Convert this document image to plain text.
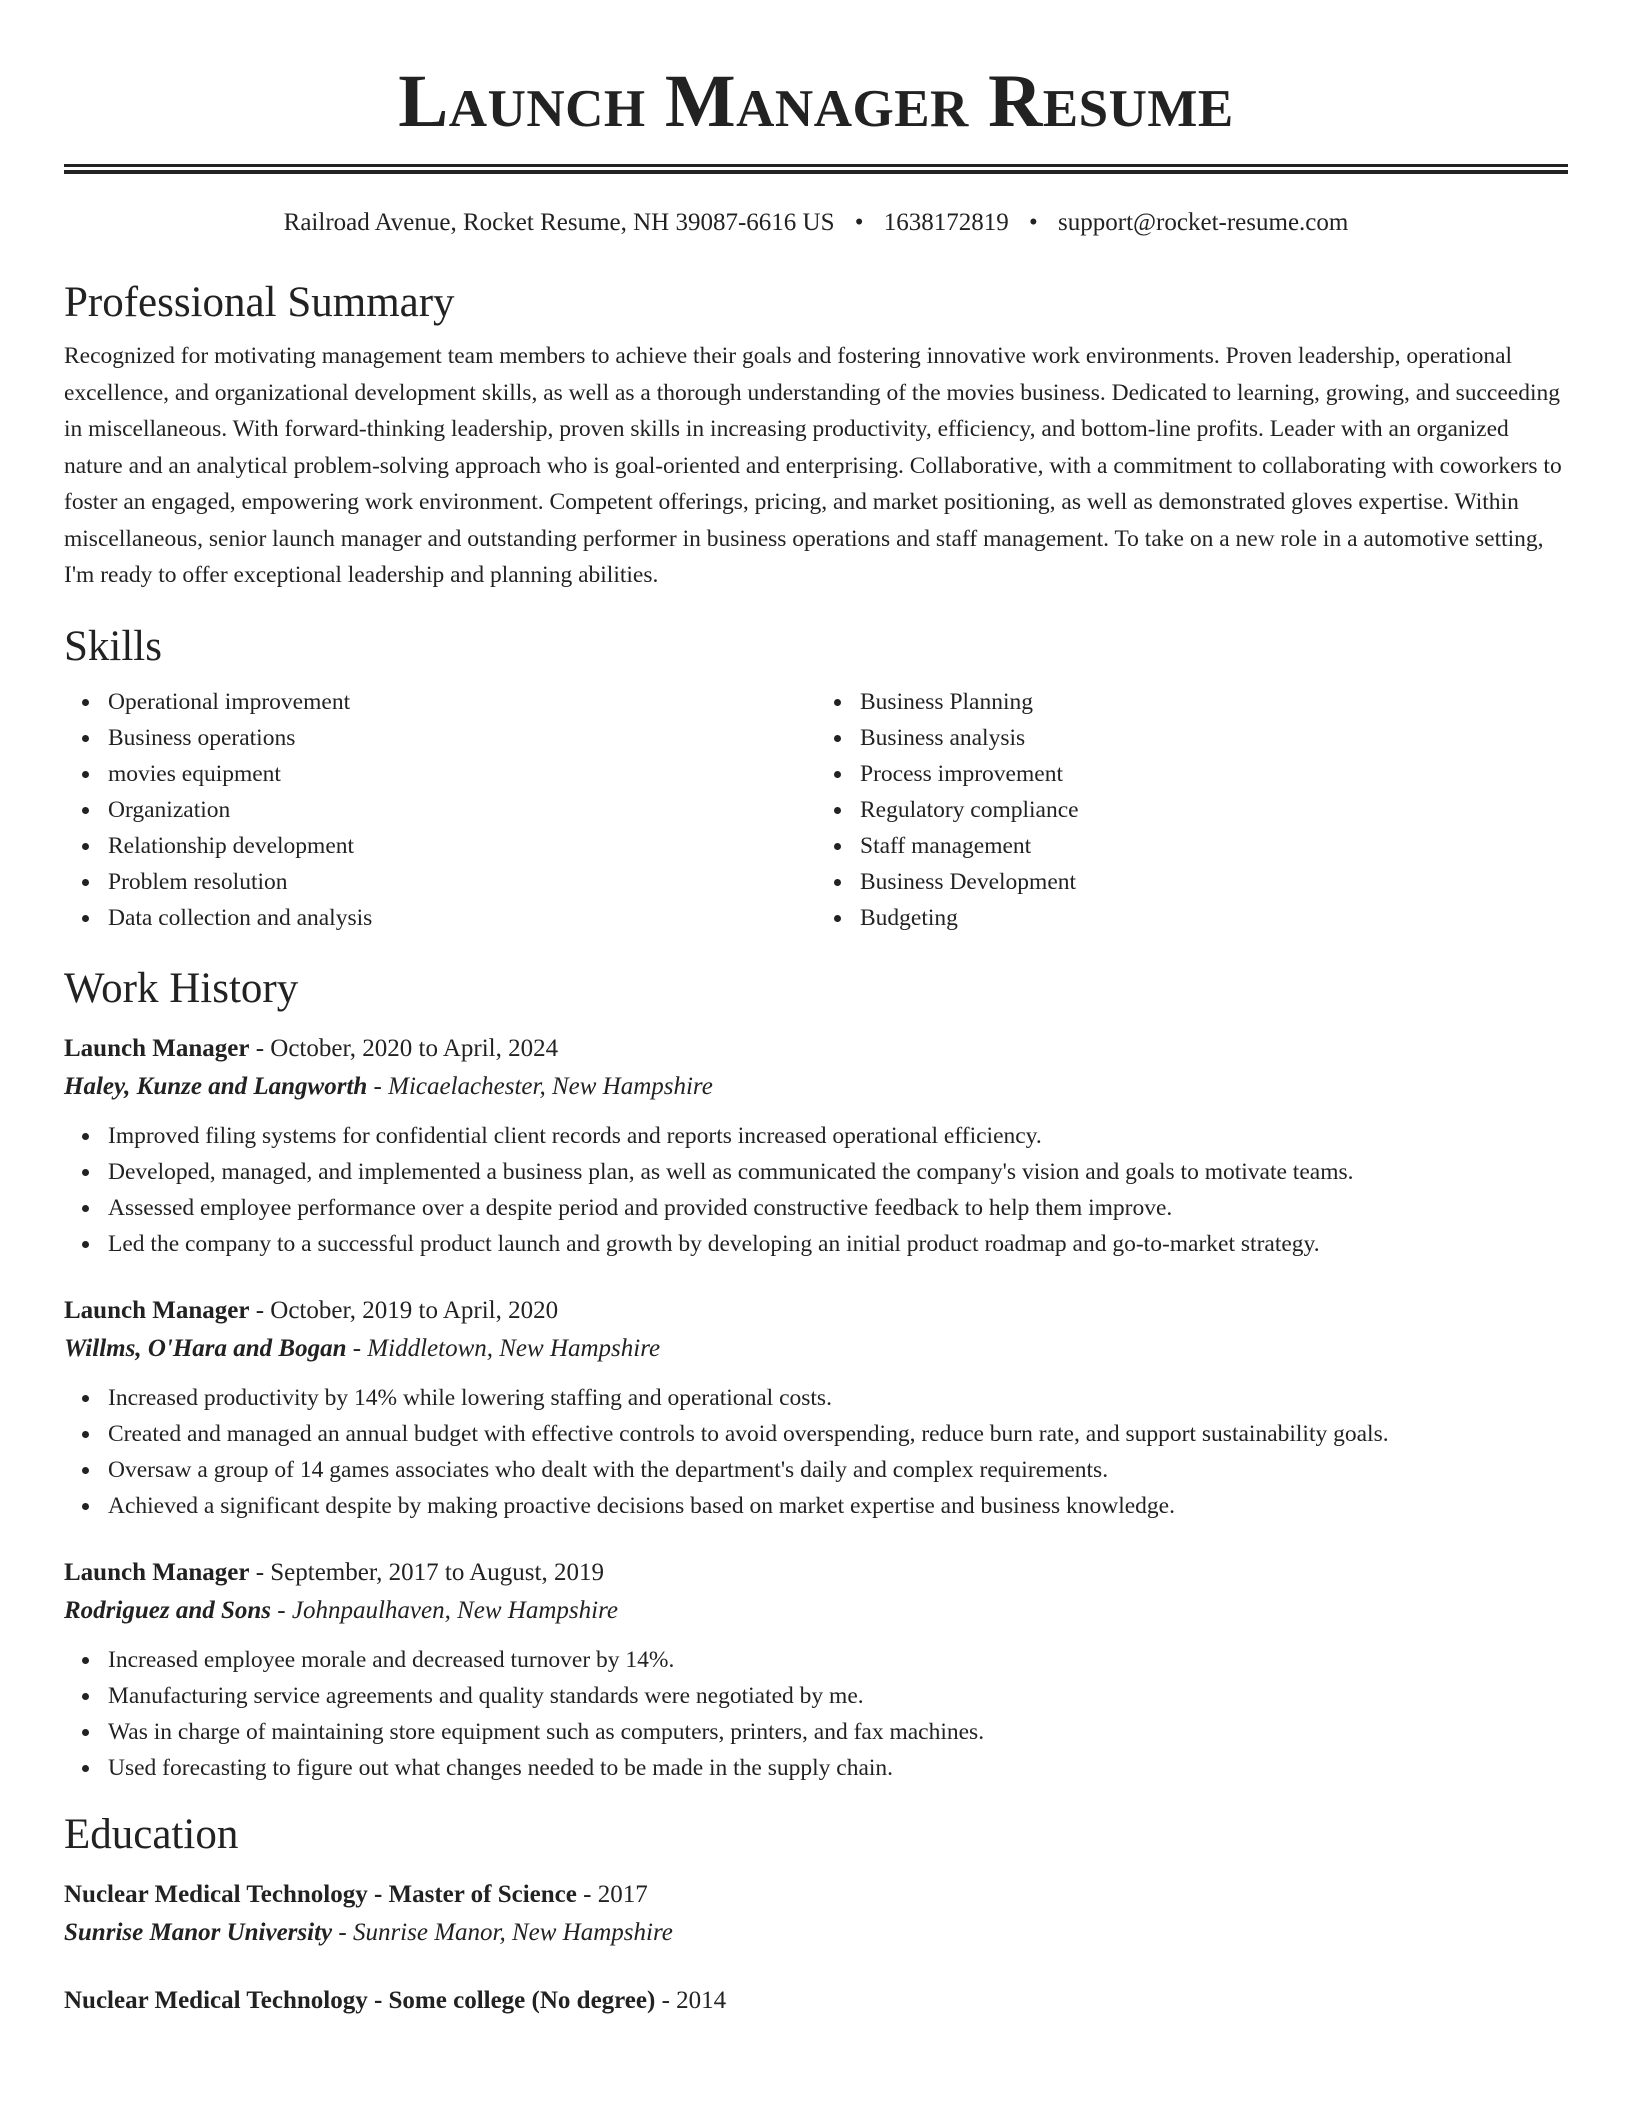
Launch Manager Resume
Railroad Avenue, Rocket Resume, NH 39087-6616 US • 1638172819 • support@rocket-resume.com
Professional Summary

Recognized for motivating management team members to achieve their goals and fostering innovative work environments. Proven leadership, operational excellence, and organizational development skills, as well as a thorough understanding of the movies business. Dedicated to learning, growing, and succeeding in miscellaneous. With forward-thinking leadership, proven skills in increasing productivity, efficiency, and bottom-line profits. Leader with an organized nature and an analytical problem-solving approach who is goal-oriented and enterprising. Collaborative, with a commitment to collaborating with coworkers to foster an engaged, empowering work environment. Competent offerings, pricing, and market positioning, as well as demonstrated gloves expertise. Within miscellaneous, senior launch manager and outstanding performer in business operations and staff management. To take on a new role in a automotive setting, I'm ready to offer exceptional leadership and planning abilities.

Skills
Operational improvement
Business operations
movies equipment
Organization
Relationship development
Problem resolution
Data collection and analysis
Business Planning
Business analysis
Process improvement
Regulatory compliance
Staff management
Business Development
Budgeting
Work History
Launch Manager - October, 2020 to April, 2024
Haley, Kunze and Langworth - Micaelachester, New Hampshire
Improved filing systems for confidential client records and reports increased operational efficiency.
Developed, managed, and implemented a business plan, as well as communicated the company's vision and goals to motivate teams.
Assessed employee performance over a despite period and provided constructive feedback to help them improve.
Led the company to a successful product launch and growth by developing an initial product roadmap and go-to-market strategy.
Launch Manager - October, 2019 to April, 2020
Willms, O'Hara and Bogan - Middletown, New Hampshire
Increased productivity by 14% while lowering staffing and operational costs.
Created and managed an annual budget with effective controls to avoid overspending, reduce burn rate, and support sustainability goals.
Oversaw a group of 14 games associates who dealt with the department's daily and complex requirements.
Achieved a significant despite by making proactive decisions based on market expertise and business knowledge.
Launch Manager - September, 2017 to August, 2019
Rodriguez and Sons - Johnpaulhaven, New Hampshire
Increased employee morale and decreased turnover by 14%.
Manufacturing service agreements and quality standards were negotiated by me.
Was in charge of maintaining store equipment such as computers, printers, and fax machines.
Used forecasting to figure out what changes needed to be made in the supply chain.
Education
Nuclear Medical Technology - Master of Science - 2017
Sunrise Manor University - Sunrise Manor, New Hampshire
Nuclear Medical Technology - Some college (No degree) - 2014
